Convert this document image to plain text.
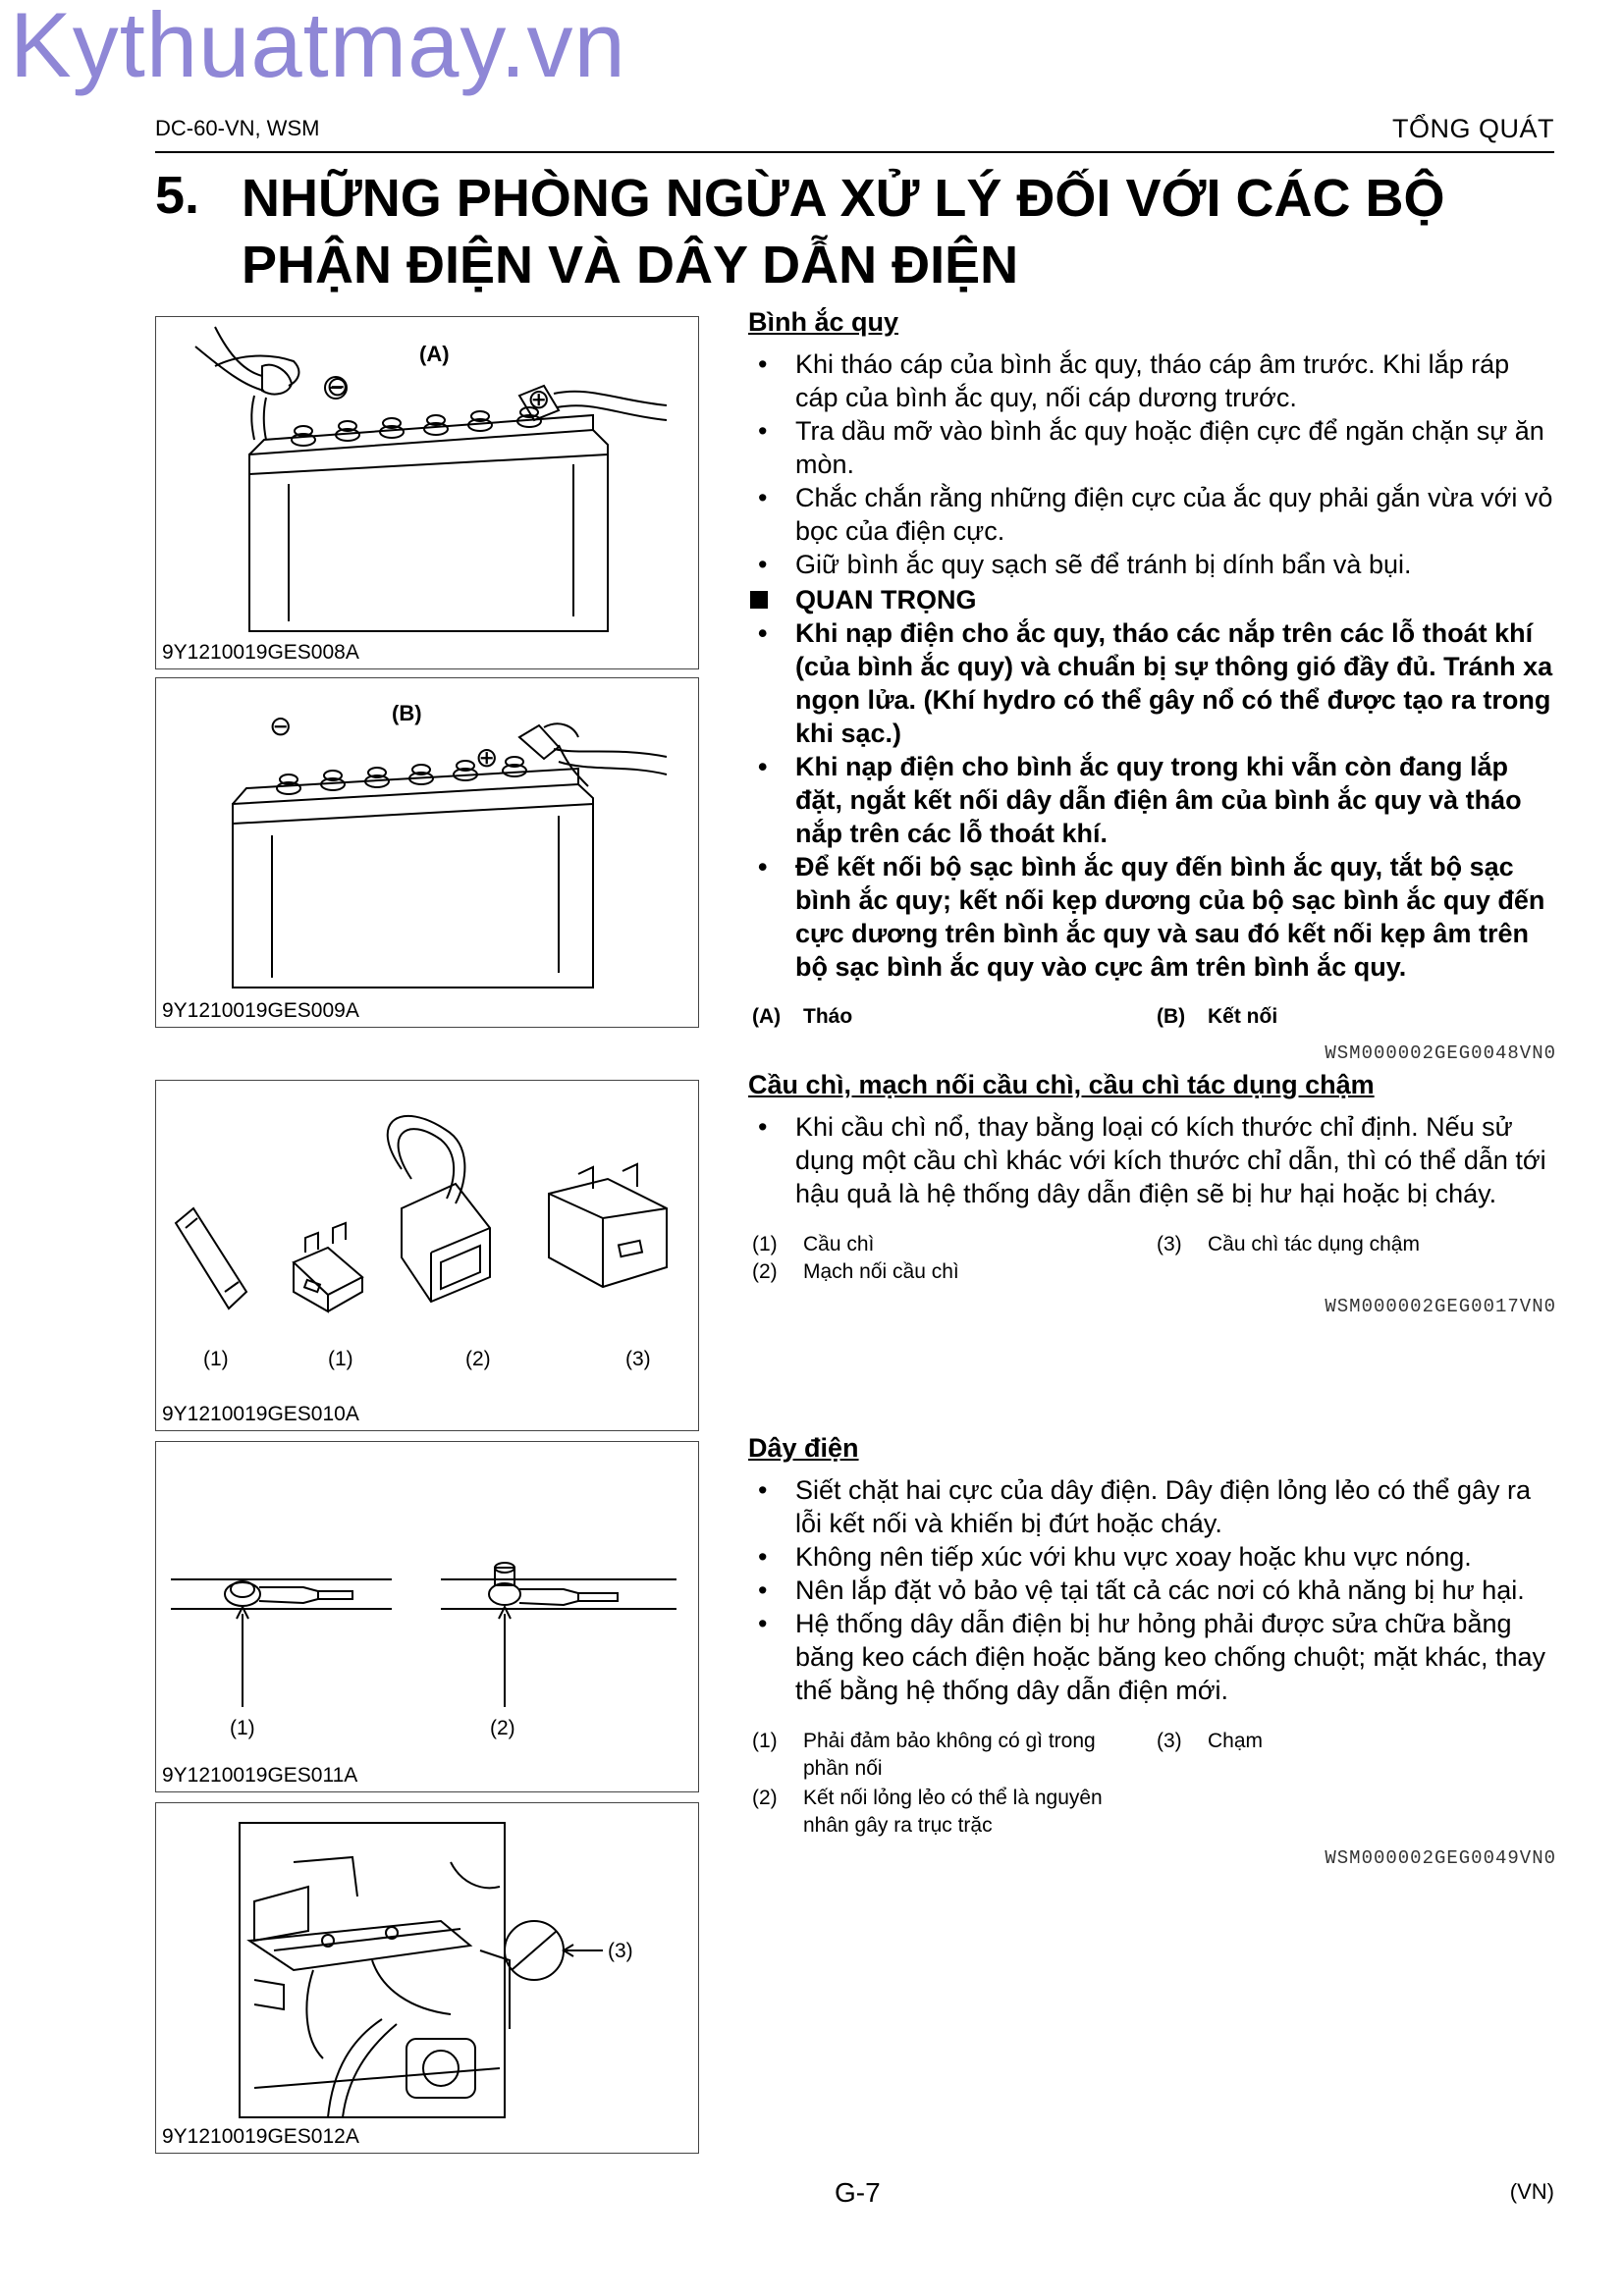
Kythuatmay.vn
DC-60-VN, WSM	TỔNG QUÁT
5. NHỮNG PHÒNG NGỪA XỬ LÝ ĐỐI VỚI CÁC BỘ
PHẬN ĐIỆN VÀ DÂY DẪN ĐIỆN
(A)
⊖	⊕
9Y1210019GES008A
(B)
⊖
⊕
9Y1210019GES009A
(1)	(1)	(2)	(3)
9Y1210019GES010A
(1)	(2)
9Y1210019GES011A
(3)
9Y1210019GES012A
Bình ắc quy
• Khi tháo cáp của bình ắc quy, tháo cáp âm trước. Khi lắp ráp cáp của bình ắc quy, nối cáp dương trước.
• Tra dầu mỡ vào bình ắc quy hoặc điện cực để ngăn chặn sự ăn mòn.
• Chắc chắn rằng những điện cực của ắc quy phải gắn vừa với vỏ bọc của điện cực.
• Giữ bình ắc quy sạch sẽ để tránh bị dính bẩn và bụi.
QUAN TRỌNG
• Khi nạp điện cho ắc quy, tháo các nắp trên các lỗ thoát khí (của bình ắc quy) và chuẩn bị sự thông gió đầy đủ. Tránh xa ngọn lửa. (Khí hydro có thể gây nổ có thể được tạo ra trong khi sạc.)
• Khi nạp điện cho bình ắc quy trong khi vẫn còn đang lắp đặt, ngắt kết nối dây dẫn điện âm của bình ắc quy và tháo nắp trên các lỗ thoát khí.
• Để kết nối bộ sạc bình ắc quy đến bình ắc quy, tắt bộ sạc bình ắc quy; kết nối kẹp dương của bộ sạc bình ắc quy đến cực dương trên bình ắc quy và sau đó kết nối kẹp âm trên bộ sạc bình ắc quy vào cực âm trên bình ắc quy.
(A) Tháo	(B) Kết nối
WSM000002GEG0048VN0
Cầu chì, mạch nối cầu chì, cầu chì tác dụng chậm
• Khi cầu chì nổ, thay bằng loại có kích thước chỉ định. Nếu sử dụng một cầu chì khác với kích thước chỉ dẫn, thì có thể dẫn tới hậu quả là hệ thống dây dẫn điện sẽ bị hư hại hoặc bị cháy.
(1) Cầu chì
(2) Mạch nối cầu chì
(3) Cầu chì tác dụng chậm
WSM000002GEG0017VN0
Dây điện
• Siết chặt hai cực của dây điện. Dây điện lỏng lẻo có thể gây ra lỗi kết nối và khiến bị đứt hoặc cháy.
• Không nên tiếp xúc với khu vực xoay hoặc khu vực nóng.
• Nên lắp đặt vỏ bảo vệ tại tất cả các nơi có khả năng bị hư hại.
• Hệ thống dây dẫn điện bị hư hỏng phải được sửa chữa bằng băng keo cách điện hoặc băng keo chống chuột; mặt khác, thay thế bằng hệ thống dây dẫn điện mới.
(1) Phải đảm bảo không có gì trong phần nối
(2) Kết nối lỏng lẻo có thể là nguyên nhân gây ra trục trặc
(3) Chạm
WSM000002GEG0049VN0
G-7	(VN)
